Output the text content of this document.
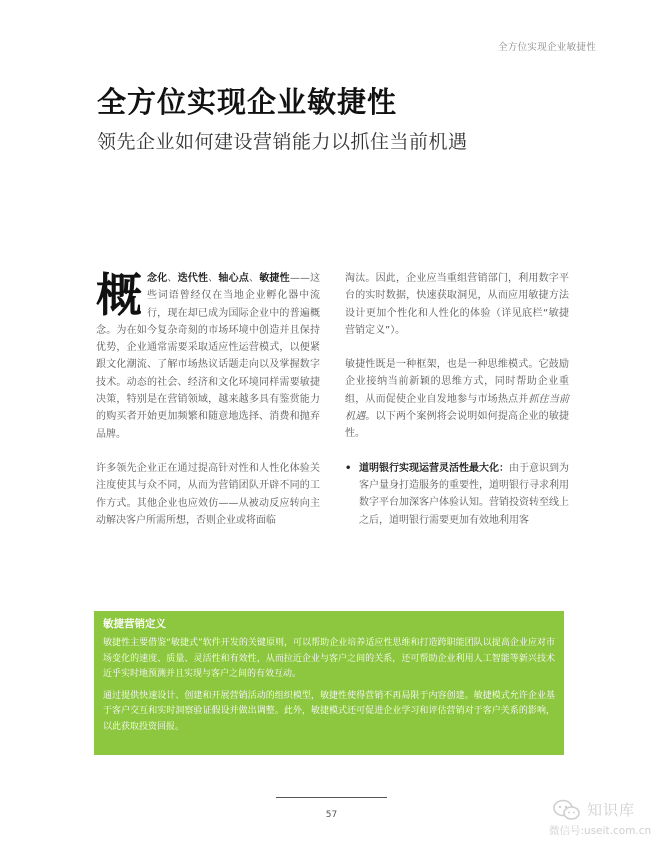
全方位实现企业敏捷性
全方位实现企业敏捷性
领先企业如何建设营销能力以抓住当前机遇

概念化、迭代性、轴心点、敏捷性——这些词语曾经仅在当地企业孵化器中流行，现在却已成为国际企业中的普遍概念。为在如今复杂奇刻的市场环境中创造并且保持优势，企业通常需要采取适应性运营模式，以便紧跟文化潮流、了解市场热议话题走向以及掌握数字技术。动态的社会、经济和文化环境同样需要敏捷决策，特别是在营销领域，越来越多具有鉴赏能力的购买者开始更加频繁和随意地选择、消费和抛弃品牌。

许多领先企业正在通过提高针对性和人性化体验关注度使其与众不同，从而为营销团队开辟不同的工作方式。其他企业也应效仿——从被动反应转向主动解决客户所需所想，否则企业或将面临

淘汰。因此，企业应当重组营销部门，利用数字平台的实时数据，快速获取洞见，从而应用敏捷方法设计更加个性化和人性化的体验（详见底栏“敏捷营销定义”）。

敏捷性既是一种框架，也是一种思维模式。它鼓励企业接纳当前新颖的思维方式，同时帮助企业重组，从而促使企业自发地参与市场热点并抓住当前机遇。以下两个案例将会说明如何提高企业的敏捷性。

• 道明银行实现运营灵活性最大化：由于意识到为客户量身打造服务的重要性，道明银行寻求利用数字平台加深客户体验认知。营销投资转至线上之后，道明银行需要更加有效地利用客
敏捷营销定义

敏捷性主要借鉴“敏捷式”软件开发的关键原则，可以帮助企业培养适应性思维和打造跨职能团队以提高企业应对市场变化的速度、质量、灵活性和有效性，从而拉近企业与客户之间的关系，还可帮助企业利用人工智能等新兴技术近乎实时地预测并且实现与客户之间的有效互动。

通过提供快速设计、创建和开展营销活动的组织模型，敏捷性使得营销不再局限于内容创建。敏捷模式允许企业基于客户交互和实时洞察验证假设并做出调整。此外，敏捷模式还可促进企业学习和评估营销对于客户关系的影响，以此获取投资回报。

57	知识库
微信号:useit.com.cn
